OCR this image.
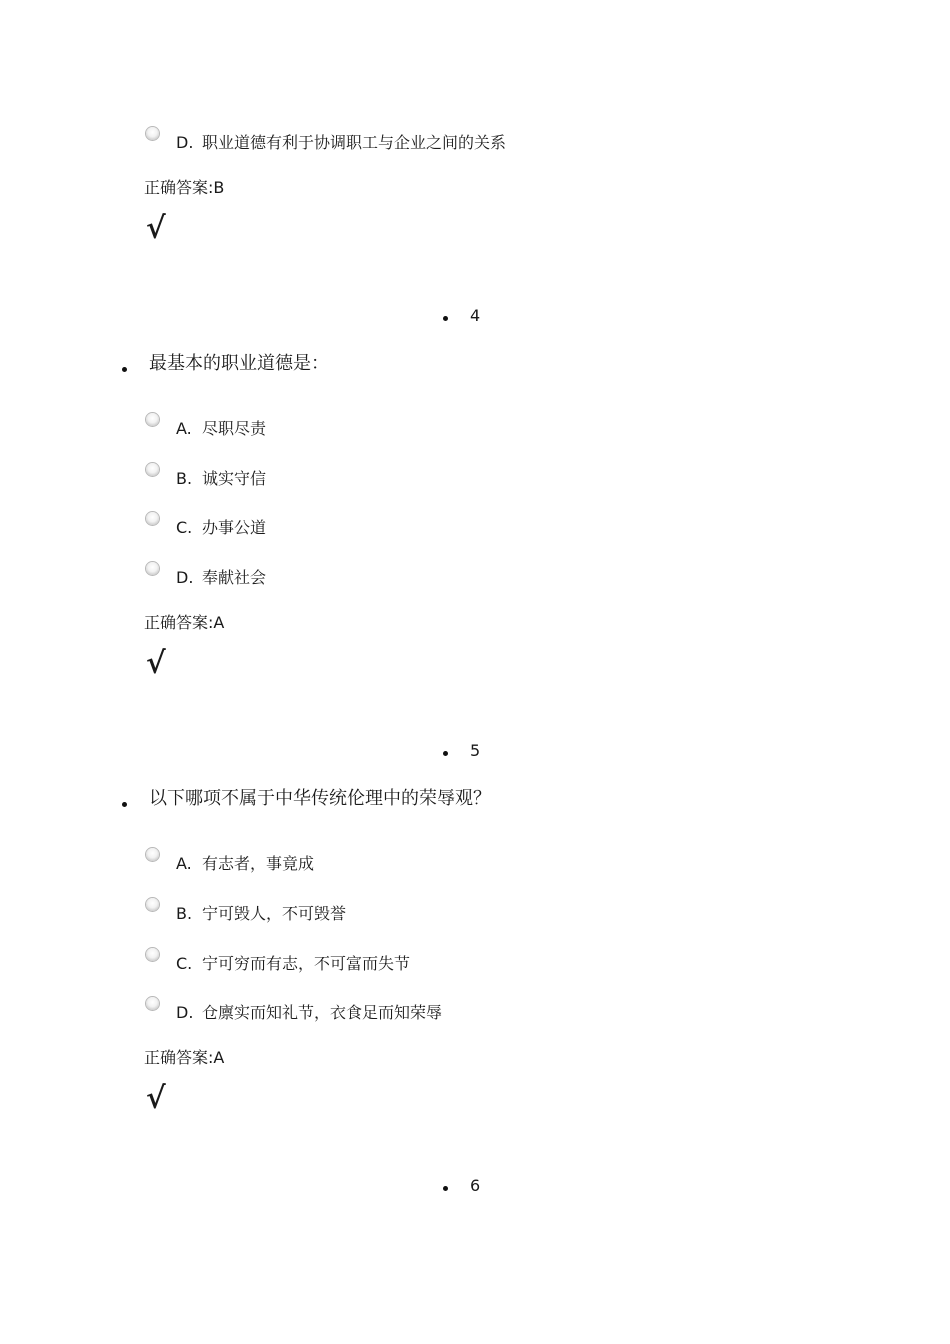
D. 职业道德有利于协调职工与企业之间的关系
正确答案:B
√
4
最基本的职业道德是：
A. 尽职尽责
B. 诚实守信
C. 办事公道
D. 奉献社会
正确答案:A
√
5
以下哪项不属于中华传统伦理中的荣辱观？
A. 有志者，事竟成
B. 宁可毁人，不可毁誉
C. 宁可穷而有志，不可富而失节
D. 仓廪实而知礼节，衣食足而知荣辱
正确答案:A
√
6
